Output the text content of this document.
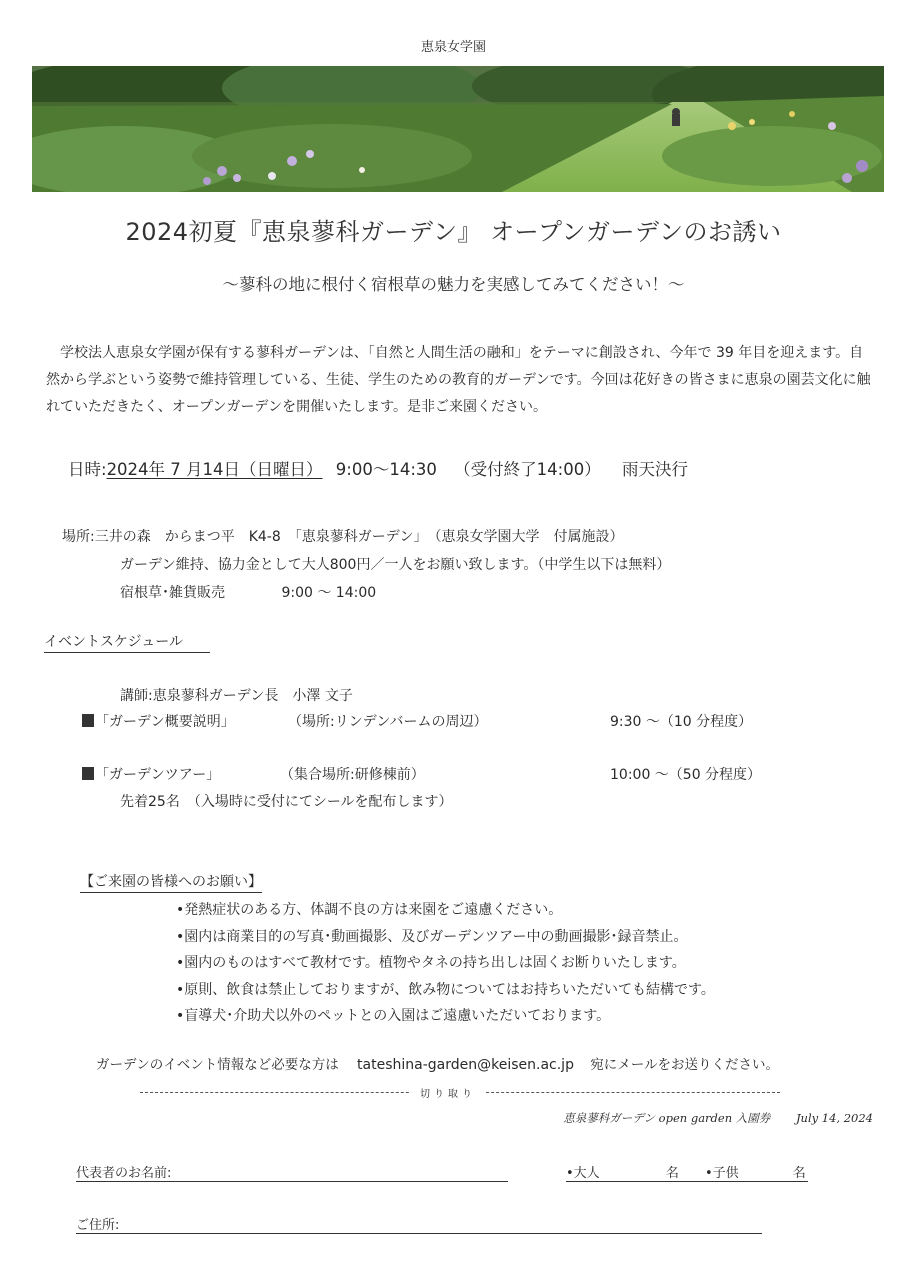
恵泉女学園
2024初夏『恵泉蓼科ガーデン』 オープンガーデンのお誘い
～蓼科の地に根付く宿根草の魅力を実感してみてください！～

学校法人恵泉女学園が保有する蓼科ガーデンは、「自然と人間生活の融和」をテーマに創設され、今年で 39 年目を迎えます。自然から学ぶという姿勢で維持管理している、生徒、学生のための教育的ガーデンです。今回は花好きの皆さまに恵泉の園芸文化に触れていただきたく、オープンガーデンを開催いたします。是非ご来園ください。

日時:2024年 7 月14日（日曜日） 9:00～14:30 （受付終了14:00） 雨天決行
場所:三井の森　からまつ平　K4-8　「恵泉蓼科ガーデン」　（恵泉女学園大学　付属施設）
ガーデン維持、協力金として大人800円／一人をお願い致します。（中学生以下は無料）
宿根草･雑貨販売	9:00 ～ 14:00
イベントスケジュール
講師:恵泉蓼科ガーデン長　小澤 文子
「ガーデン概要説明」	（場所:リンデンバームの周辺）	9:30 ～（10 分程度）
「ガーデンツアー」	（集合場所:研修棟前）	10:00 ～（50 分程度）
先着25名　（入場時に受付にてシールを配布します）
【ご来園の皆様へのお願い】
•発熱症状のある方、体調不良の方は来園をご遠慮ください。
•園内は商業目的の写真･動画撮影、及びガーデンツアー中の動画撮影･録音禁止。
•園内のものはすべて教材です。植物やタネの持ち出しは固くお断りいたします。
•原則、飲食は禁止しておりますが、飲み物についてはお持ちいただいても結構です。
•盲導犬･介助犬以外のペットとの入園はご遠慮いただいております。
ガーデンのイベント情報など必要な方は tateshina-garden@keisen.ac.jp 宛にメールをお送りください。
切り取り
恵泉蓼科ガーデン open garden 入園券 July 14, 2024
代表者のお名前:	•大人	名 •子供	名
ご住所:
